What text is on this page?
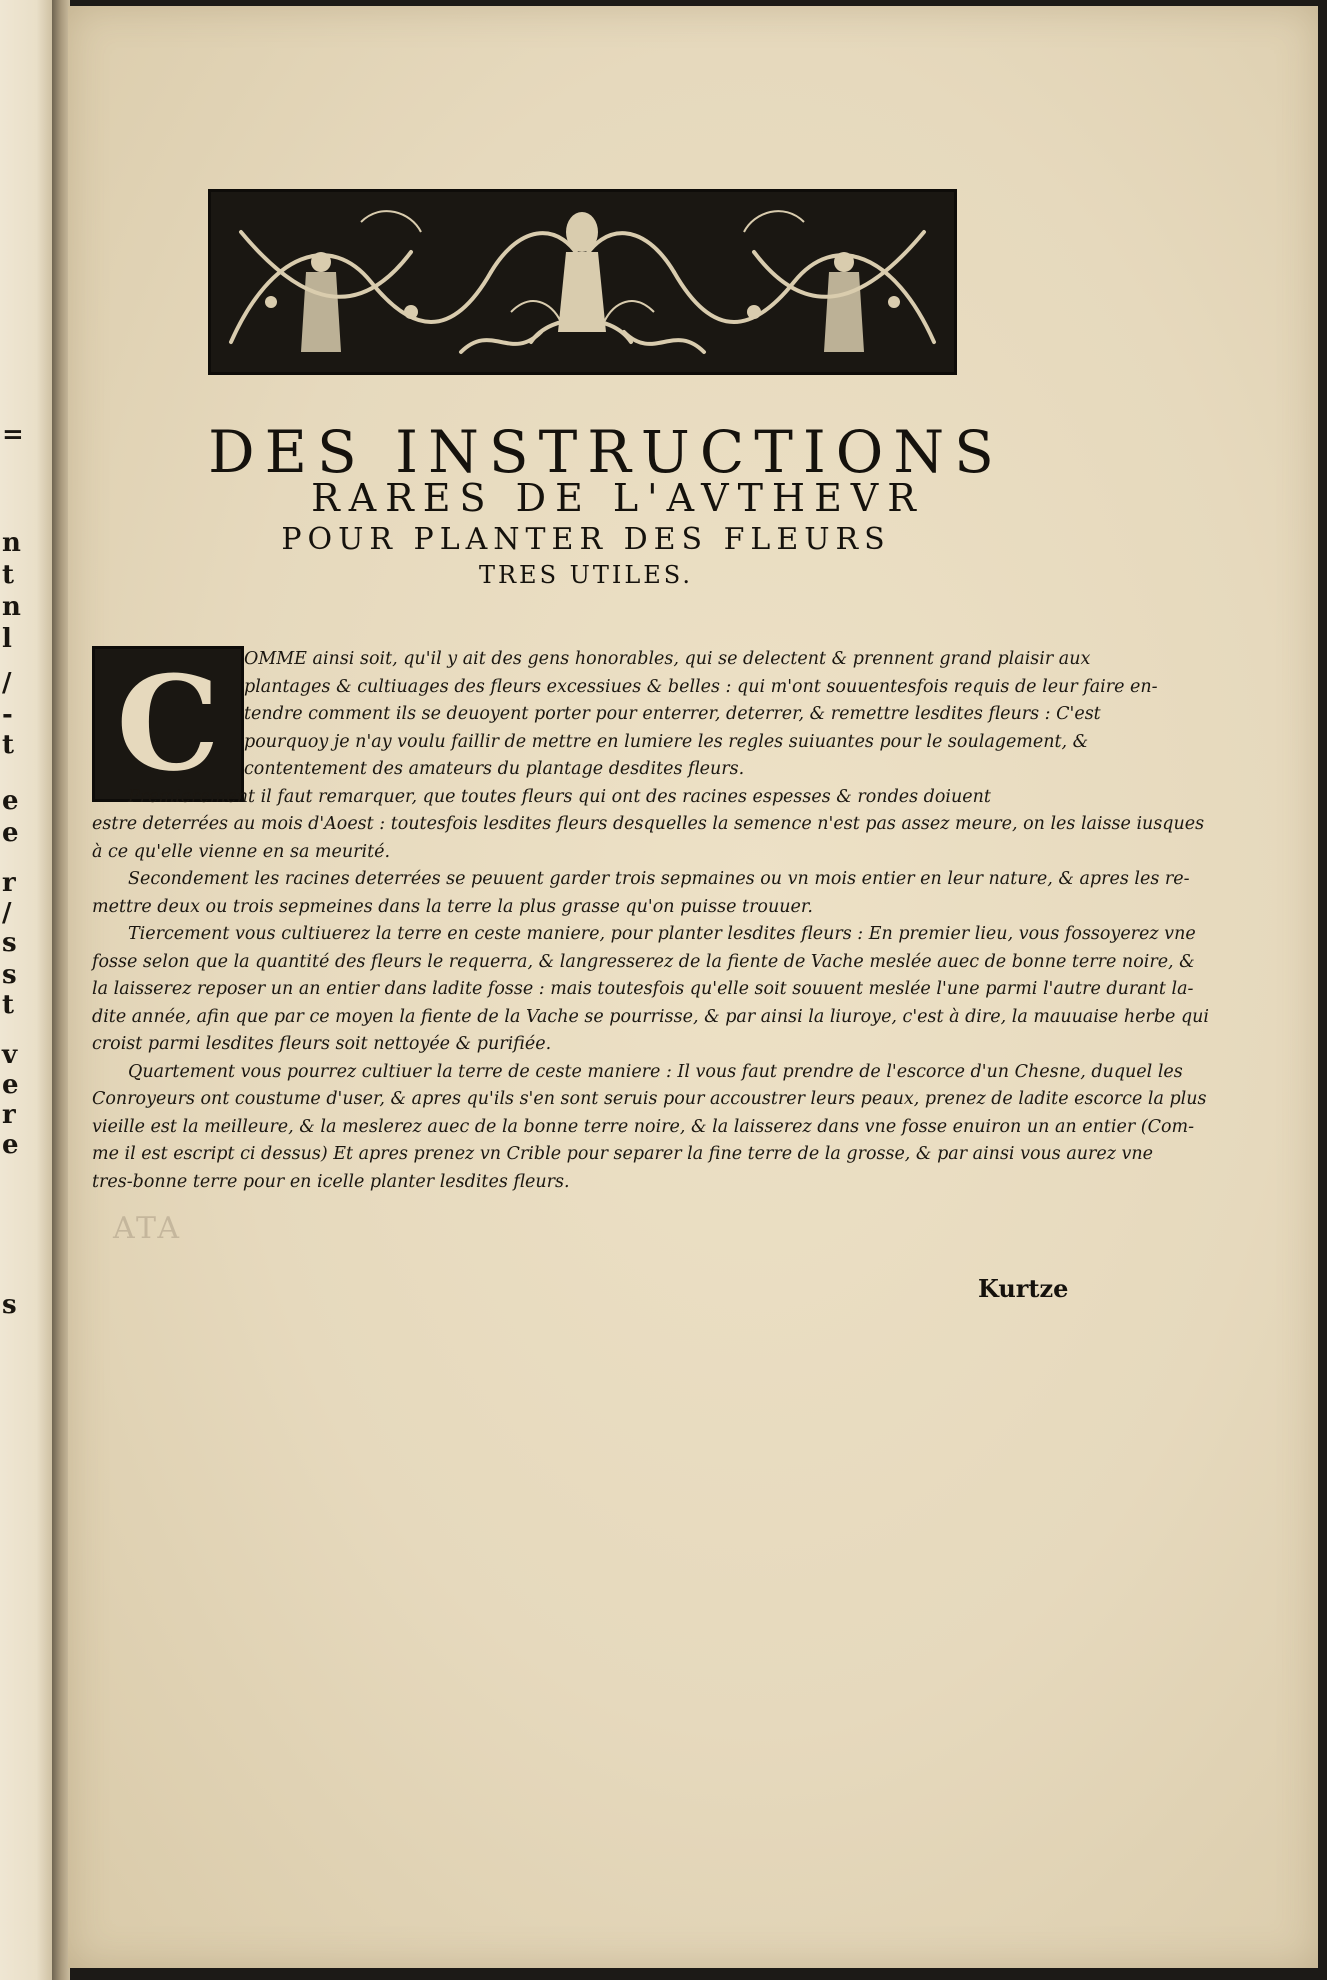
=
n
t
n
l
/
-
t
e
e
r
/
s
s
t
v
e
r
e
s
DES INSTRUCTIONS
RARES DE L'AVTHEVR
POUR PLANTER DES FLEURS
TRES UTILES.
C	OMME ainsi soit, qu'il y ait des gens honorables, qui se delectent & prennent grand plaisir aux
plantages & cultiuages des fleurs excessiues & belles : qui m'ont souuentesfois requis de leur faire en-
tendre comment ils se deuoyent porter pour enterrer, deterrer, & remettre lesdites fleurs : C'est
pourquoy je n'ay voulu faillir de mettre en lumiere les regles suiuantes pour le soulagement, &
contentement des amateurs du plantage desdites fleurs.
Premierement il faut remarquer, que toutes fleurs qui ont des racines espesses & rondes doiuent
estre deterrées au mois d'Aoest : toutesfois lesdites fleurs desquelles la semence n'est pas assez meure, on les laisse iusques
à ce qu'elle vienne en sa meurité.
Secondement les racines deterrées se peuuent garder trois sepmaines ou vn mois entier en leur nature, & apres les re-
mettre deux ou trois sepmeines dans la terre la plus grasse qu'on puisse trouuer.
Tiercement vous cultiuerez la terre en ceste maniere, pour planter lesdites fleurs : En premier lieu, vous fossoyerez vne
fosse selon que la quantité des fleurs le requerra, & langresserez de la fiente de Vache meslée auec de bonne terre noire, &
la laisserez reposer un an entier dans ladite fosse : mais toutesfois qu'elle soit souuent meslée l'une parmi l'autre durant la-
dite année, afin que par ce moyen la fiente de la Vache se pourrisse, & par ainsi la liuroye, c'est à dire, la mauuaise herbe qui
croist parmi lesdites fleurs soit nettoyée & purifiée.
Quartement vous pourrez cultiuer la terre de ceste maniere : Il vous faut prendre de l'escorce d'un Chesne, duquel les
Conroyeurs ont coustume d'user, & apres qu'ils s'en sont seruis pour accoustrer leurs peaux, prenez de ladite escorce la plus
vieille est la meilleure, & la meslerez auec de la bonne terre noire, & la laisserez dans vne fosse enuiron un an entier (Com-
me il est escript ci dessus) Et apres prenez vn Crible pour separer la fine terre de la grosse, & par ainsi vous aurez vne
tres-bonne terre pour en icelle planter lesdites fleurs.
ATA
Kurtze
